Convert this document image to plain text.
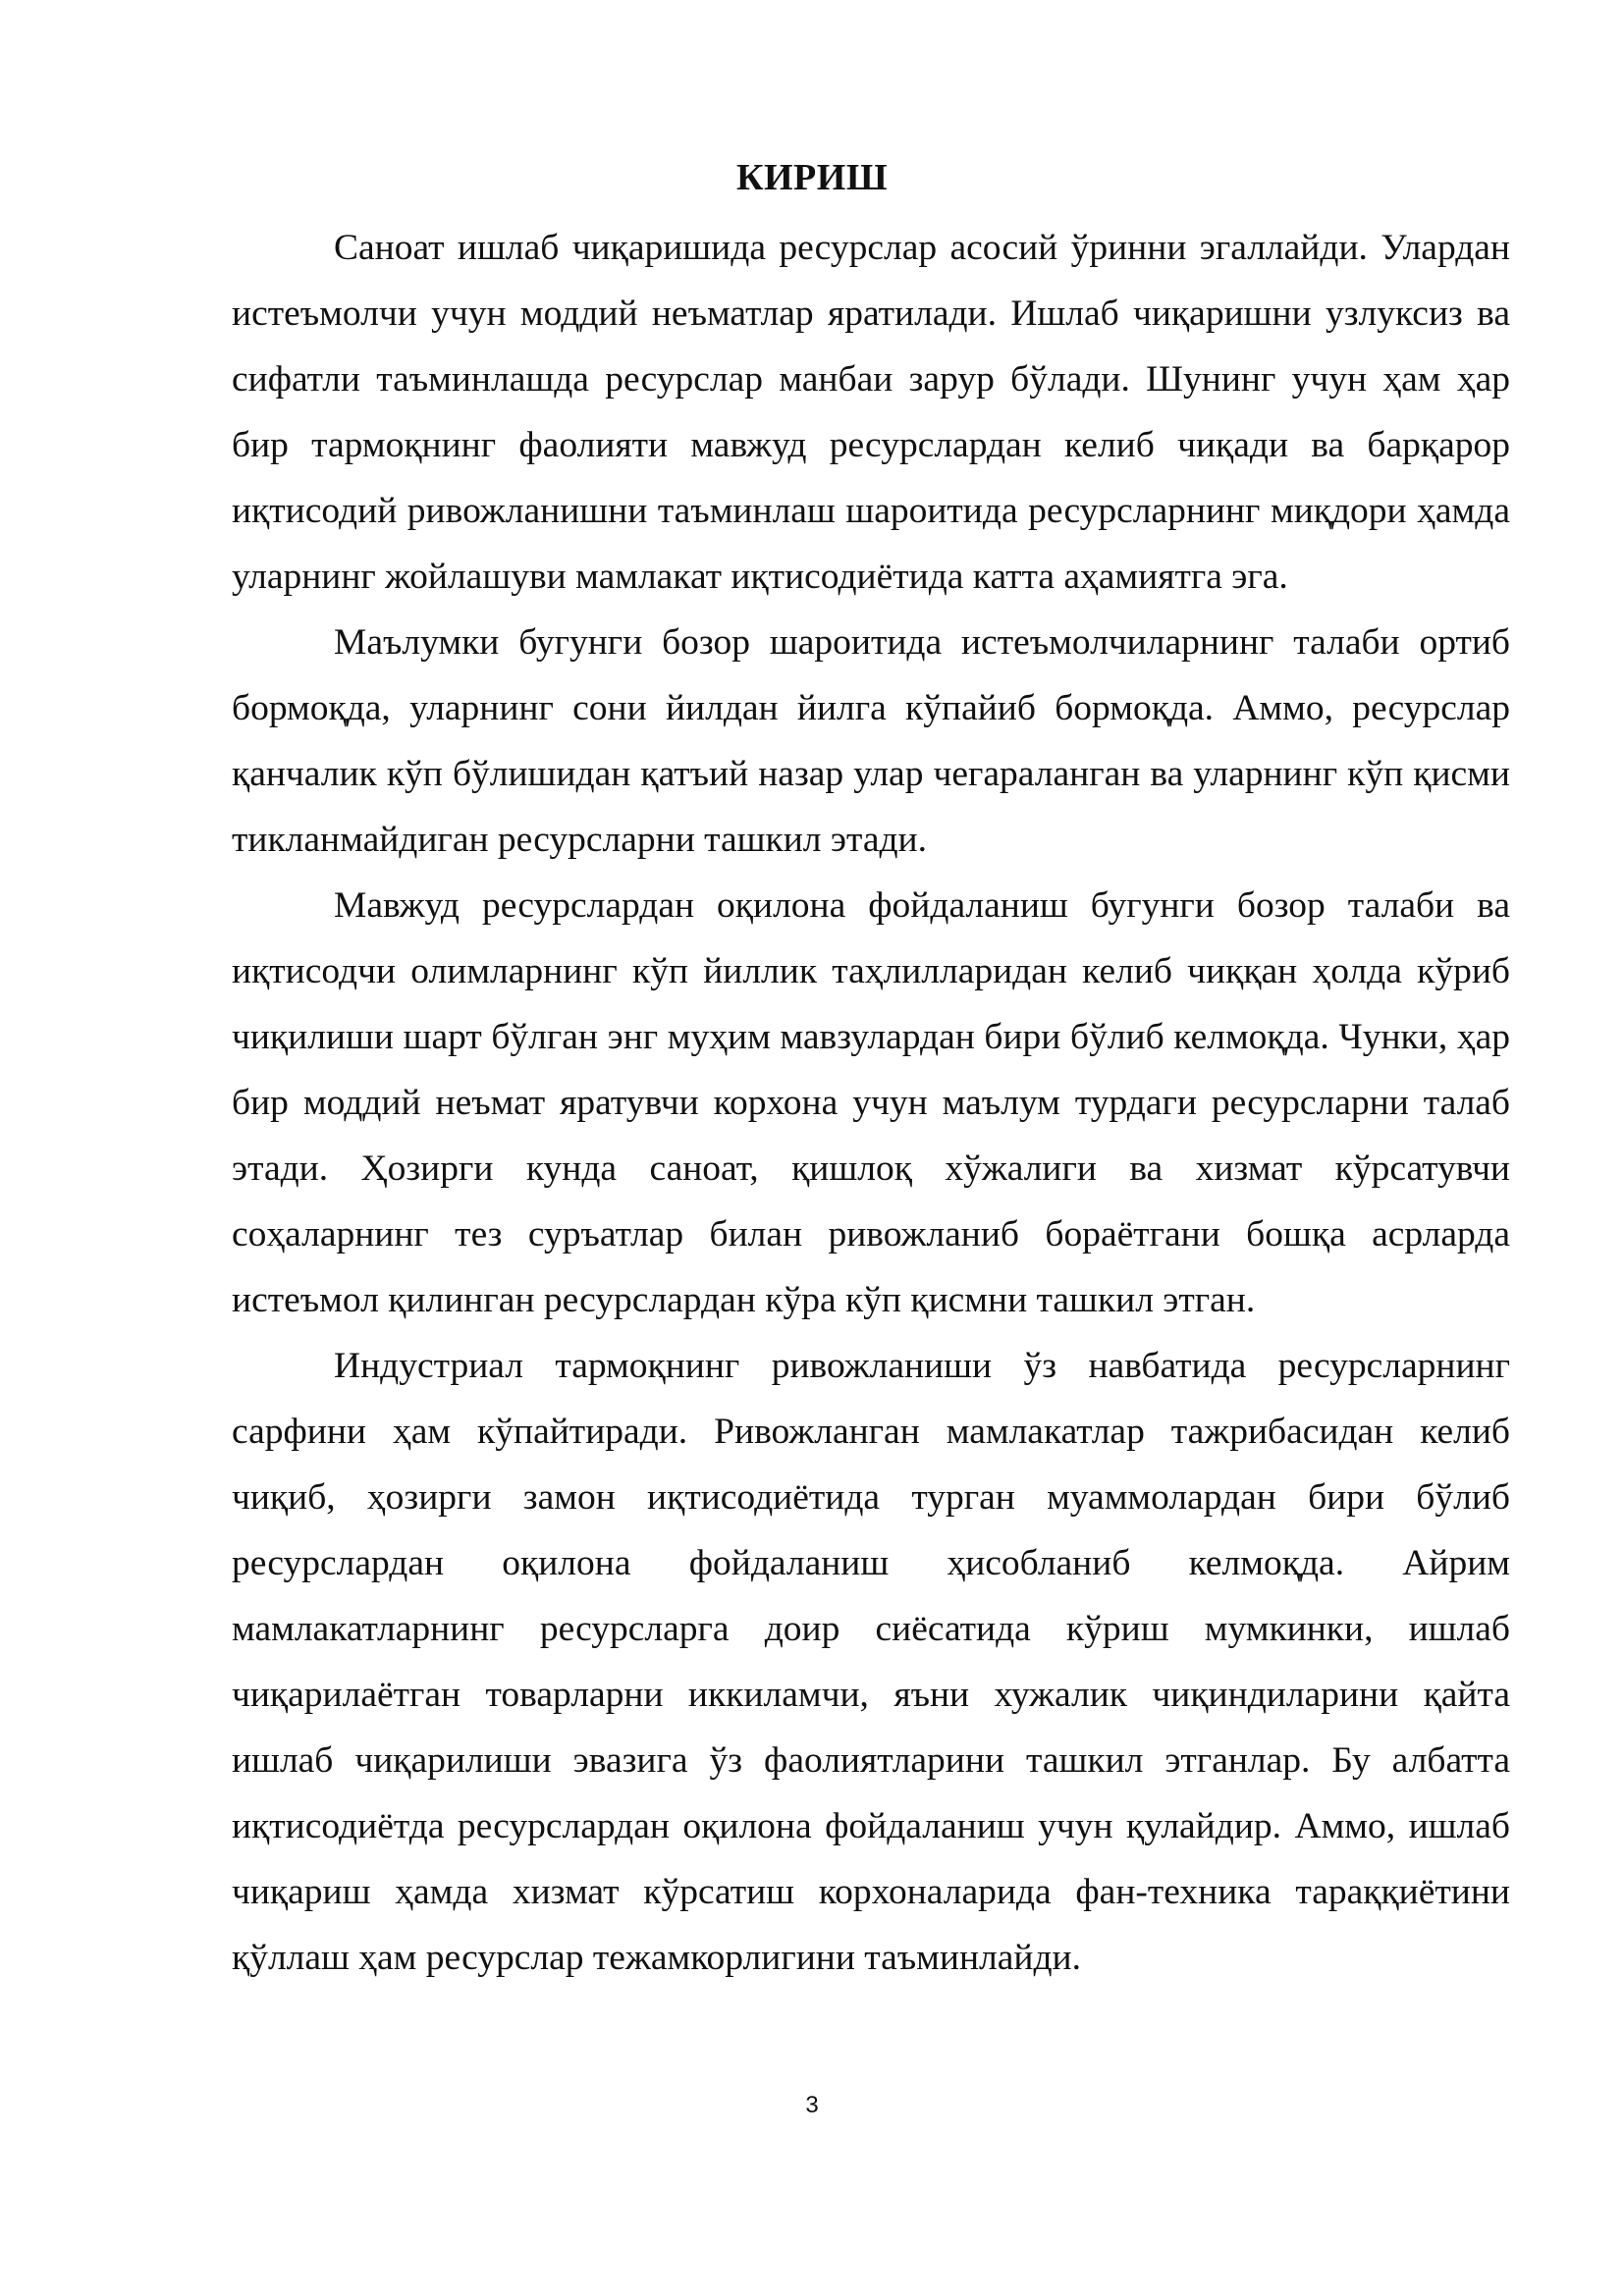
КИРИШ

Саноат ишлаб чиқаришида ресурслар асосий ўринни эгаллайди. Улардан истеъмолчи учун моддий неъматлар яратилади. Ишлаб чиқаришни узлуксиз ва сифатли таъминлашда ресурслар манбаи зарур бўлади. Шунинг учун ҳам ҳар бир тармоқнинг фаолияти мавжуд ресурслардан келиб чиқади ва барқарор иқтисодий ривожланишни таъминлаш шароитида ресурсларнинг миқдори ҳамда уларнинг жойлашуви мамлакат иқтисодиётида катта аҳамиятга эга.

Маълумки бугунги бозор шароитида истеъмолчиларнинг талаби ортиб бормоқда, уларнинг сони йилдан йилга кўпайиб бормоқда. Аммо, ресурслар қанчалик кўп бўлишидан қатъий назар улар чегараланган ва уларнинг кўп қисми тикланмайдиган ресурсларни ташкил этади.

Мавжуд ресурслардан оқилона фойдаланиш бугунги бозор талаби ва иқтисодчи олимларнинг кўп йиллик таҳлилларидан келиб чиққан ҳолда кўриб чиқилиши шарт бўлган энг муҳим мавзулардан бири бўлиб келмоқда. Чунки, ҳар бир моддий неъмат яратувчи корхона учун маълум турдаги ресурсларни талаб этади. Ҳозирги кунда саноат, қишлоқ хўжалиги ва хизмат кўрсатувчи соҳаларнинг тез суръатлар билан ривожланиб бораётгани бошқа асрларда истеъмол қилинган ресурслардан кўра кўп қисмни ташкил этган.

Индустриал тармоқнинг ривожланиши ўз навбатида ресурсларнинг сарфини ҳам кўпайтиради. Ривожланган мамлакатлар тажрибасидан келиб чиқиб, ҳозирги замон иқтисодиётида турган муаммолардан бири бўлиб ресурслардан оқилона фойдаланиш ҳисобланиб келмоқда. Айрим мамлакатларнинг ресурсларга доир сиёсатида кўриш мумкинки, ишлаб чиқарилаётган товарларни иккиламчи, яъни хужалик чиқиндиларини қайта ишлаб чиқарилиши эвазига ўз фаолиятларини ташкил этганлар. Бу албатта иқтисодиётда ресурслардан оқилона фойдаланиш учун қулайдир. Аммо, ишлаб чиқариш ҳамда хизмат кўрсатиш корхоналарида фан-техника тараққиётини қўллаш ҳам ресурслар тежамкорлигини таъминлайди.

3
